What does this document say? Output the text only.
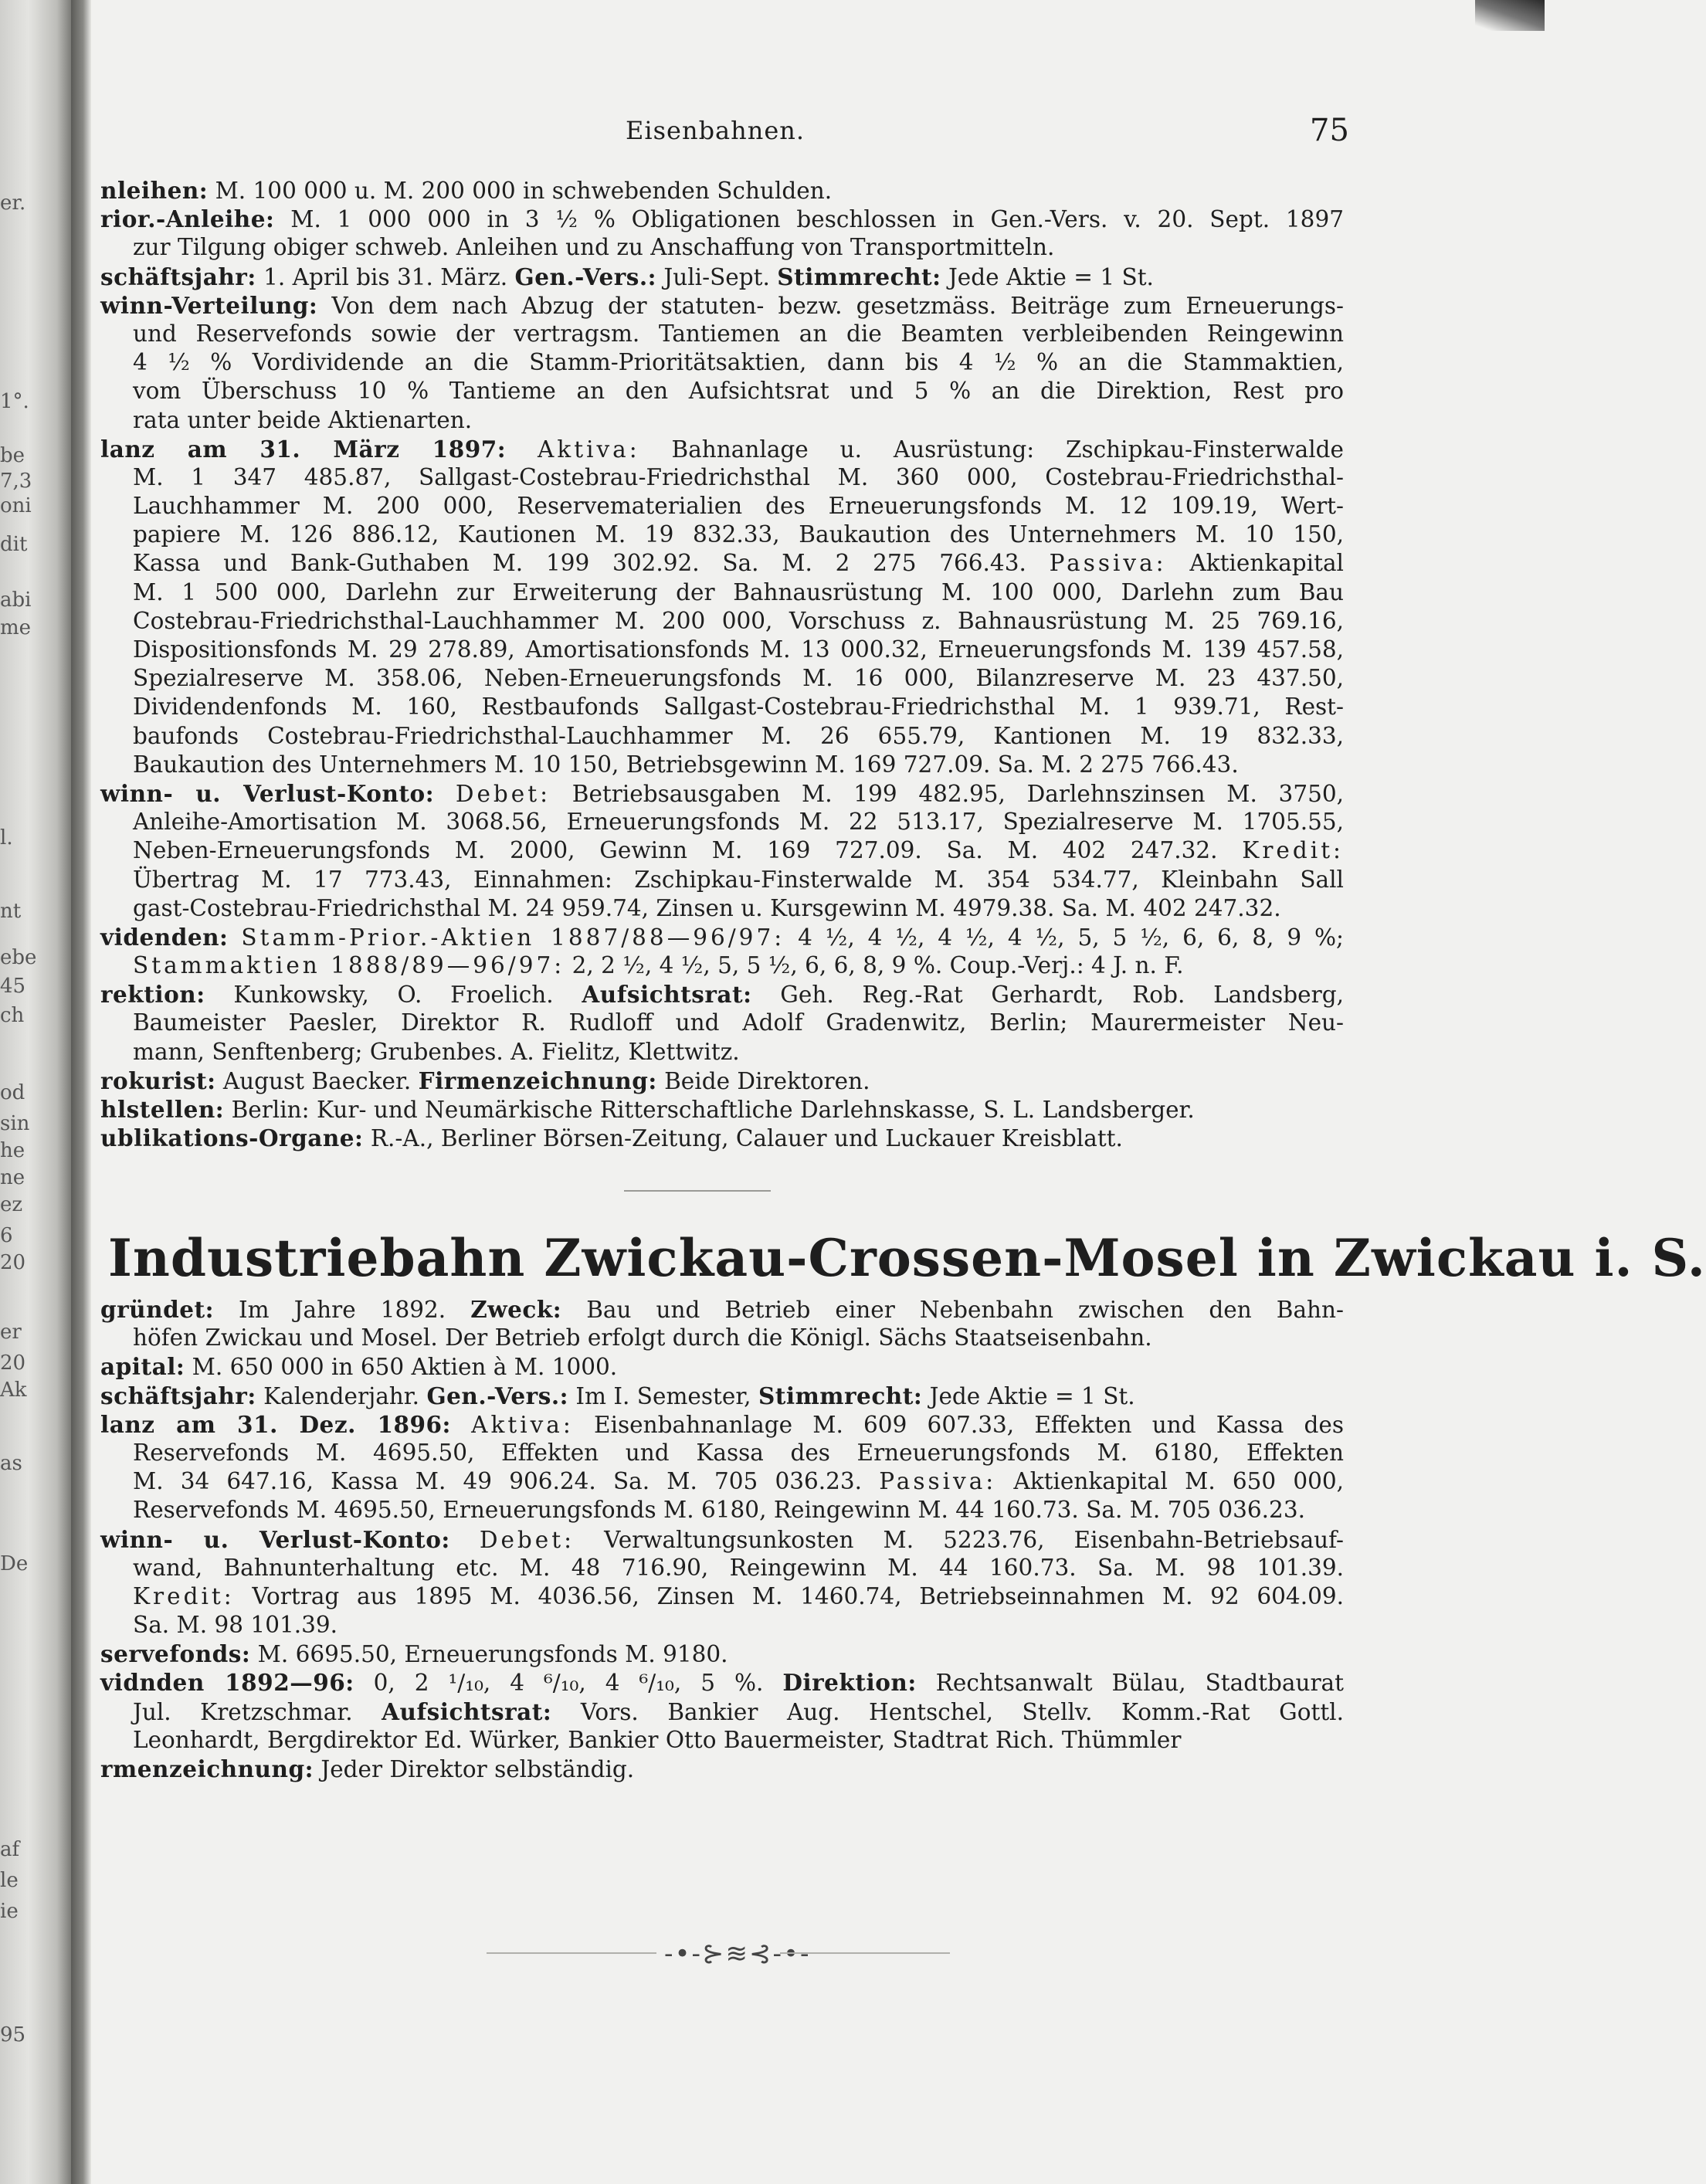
er.
1°.
be
7,3
oni
dit
abi
me
l.
nt
ebe
45
ch
od
sin
he
ne
ez
6
20
er
20
Ak
as
De
af
le
ie
95
Eisenbahnen.	75
nleihen: M. 100 000 u. M. 200 000 in schwebenden Schulden.
rior.-Anleihe: M. 1 000 000 in 3 ½ % Obligationen beschlossen in Gen.-Vers. v. 20. Sept. 1897
zur Tilgung obiger schweb. Anleihen und zu Anschaffung von Transportmitteln.
schäftsjahr: 1. April bis 31. März. Gen.-Vers.: Juli-Sept. Stimmrecht: Jede Aktie = 1 St.
winn-Verteilung: Von dem nach Abzug der statuten- bezw. gesetzmäss. Beiträge zum Erneuerungs-
und Reservefonds sowie der vertragsm. Tantiemen an die Beamten verbleibenden Reingewinn
4 ½ % Vordividende an die Stamm-Prioritätsaktien, dann bis 4 ½ % an die Stammaktien,
vom Überschuss 10 % Tantieme an den Aufsichtsrat und 5 % an die Direktion, Rest pro
rata unter beide Aktienarten.
lanz am 31. März 1897: Aktiva: Bahnanlage u. Ausrüstung: Zschipkau-Finsterwalde
M. 1 347 485.87, Sallgast-Costebrau-Friedrichsthal M. 360 000, Costebrau-Friedrichsthal-
Lauchhammer M. 200 000, Reservematerialien des Erneuerungsfonds M. 12 109.19, Wert-
papiere M. 126 886.12, Kautionen M. 19 832.33, Baukaution des Unternehmers M. 10 150,
Kassa und Bank-Guthaben M. 199 302.92. Sa. M. 2 275 766.43. Passiva: Aktienkapital
M. 1 500 000, Darlehn zur Erweiterung der Bahnausrüstung M. 100 000, Darlehn zum Bau
Costebrau-Friedrichsthal-Lauchhammer M. 200 000, Vorschuss z. Bahnausrüstung M. 25 769.16,
Dispositionsfonds M. 29 278.89, Amortisationsfonds M. 13 000.32, Erneuerungsfonds M. 139 457.58,
Spezialreserve M. 358.06, Neben-Erneuerungsfonds M. 16 000, Bilanzreserve M. 23 437.50,
Dividendenfonds M. 160, Restbaufonds Sallgast-Costebrau-Friedrichsthal M. 1 939.71, Rest-
baufonds Costebrau-Friedrichsthal-Lauchhammer M. 26 655.79, Kantionen M. 19 832.33,
Baukaution des Unternehmers M. 10 150, Betriebsgewinn M. 169 727.09. Sa. M. 2 275 766.43.
winn- u. Verlust-Konto: Debet: Betriebsausgaben M. 199 482.95, Darlehnszinsen M. 3750,
Anleihe-Amortisation M. 3068.56, Erneuerungsfonds M. 22 513.17, Spezialreserve M. 1705.55,
Neben-Erneuerungsfonds M. 2000, Gewinn M. 169 727.09. Sa. M. 402 247.32. Kredit:
Übertrag M. 17 773.43, Einnahmen: Zschipkau-Finsterwalde M. 354 534.77, Kleinbahn Sall
gast-Costebrau-Friedrichsthal M. 24 959.74, Zinsen u. Kursgewinn M. 4979.38. Sa. M. 402 247.32.
videnden: Stamm-Prior.-Aktien 1887/88—96/97: 4 ½, 4 ½, 4 ½, 4 ½, 5, 5 ½, 6, 6, 8, 9 %;
Stammaktien 1888/89—96/97: 2, 2 ½, 4 ½, 5, 5 ½, 6, 6, 8, 9 %. Coup.-Verj.: 4 J. n. F.
rektion: Kunkowsky, O. Froelich. Aufsichtsrat: Geh. Reg.-Rat Gerhardt, Rob. Landsberg,
Baumeister Paesler, Direktor R. Rudloff und Adolf Gradenwitz, Berlin; Maurermeister Neu-
mann, Senftenberg; Grubenbes. A. Fielitz, Klettwitz.
rokurist: August Baecker. Firmenzeichnung: Beide Direktoren.
hlstellen: Berlin: Kur- und Neumärkische Ritterschaftliche Darlehnskasse, S. L. Landsberger.
ublikations-Organe: R.-A., Berliner Börsen-Zeitung, Calauer und Luckauer Kreisblatt.
Industriebahn Zwickau-Crossen-Mosel in Zwickau i. S.
gründet: Im Jahre 1892. Zweck: Bau und Betrieb einer Nebenbahn zwischen den Bahn-
höfen Zwickau und Mosel. Der Betrieb erfolgt durch die Königl. Sächs Staatseisenbahn.
apital: M. 650 000 in 650 Aktien à M. 1000.
schäftsjahr: Kalenderjahr. Gen.-Vers.: Im I. Semester, Stimmrecht: Jede Aktie = 1 St.
lanz am 31. Dez. 1896: Aktiva: Eisenbahnanlage M. 609 607.33, Effekten und Kassa des
Reservefonds M. 4695.50, Effekten und Kassa des Erneuerungsfonds M. 6180, Effekten
M. 34 647.16, Kassa M. 49 906.24. Sa. M. 705 036.23. Passiva: Aktienkapital M. 650 000,
Reservefonds M. 4695.50, Erneuerungsfonds M. 6180, Reingewinn M. 44 160.73. Sa. M. 705 036.23.
winn- u. Verlust-Konto: Debet: Verwaltungsunkosten M. 5223.76, Eisenbahn-Betriebsauf-
wand, Bahnunterhaltung etc. M. 48 716.90, Reingewinn M. 44 160.73. Sa. M. 98 101.39.
Kredit: Vortrag aus 1895 M. 4036.56, Zinsen M. 1460.74, Betriebseinnahmen M. 92 604.09.
Sa. M. 98 101.39.
servefonds: M. 6695.50, Erneuerungsfonds M. 9180.
vidnden 1892—96: 0, 2 ¹/₁₀, 4 ⁶/₁₀, 4 ⁶/₁₀, 5 %. Direktion: Rechtsanwalt Bülau, Stadtbaurat
Jul. Kretzschmar. Aufsichtsrat: Vors. Bankier Aug. Hentschel, Stellv. Komm.-Rat Gottl.
Leonhardt, Bergdirektor Ed. Würker, Bankier Otto Bauermeister, Stadtrat Rich. Thümmler
rmenzeichnung: Jeder Direktor selbständig.
-•-⊱≋⊰-•-
